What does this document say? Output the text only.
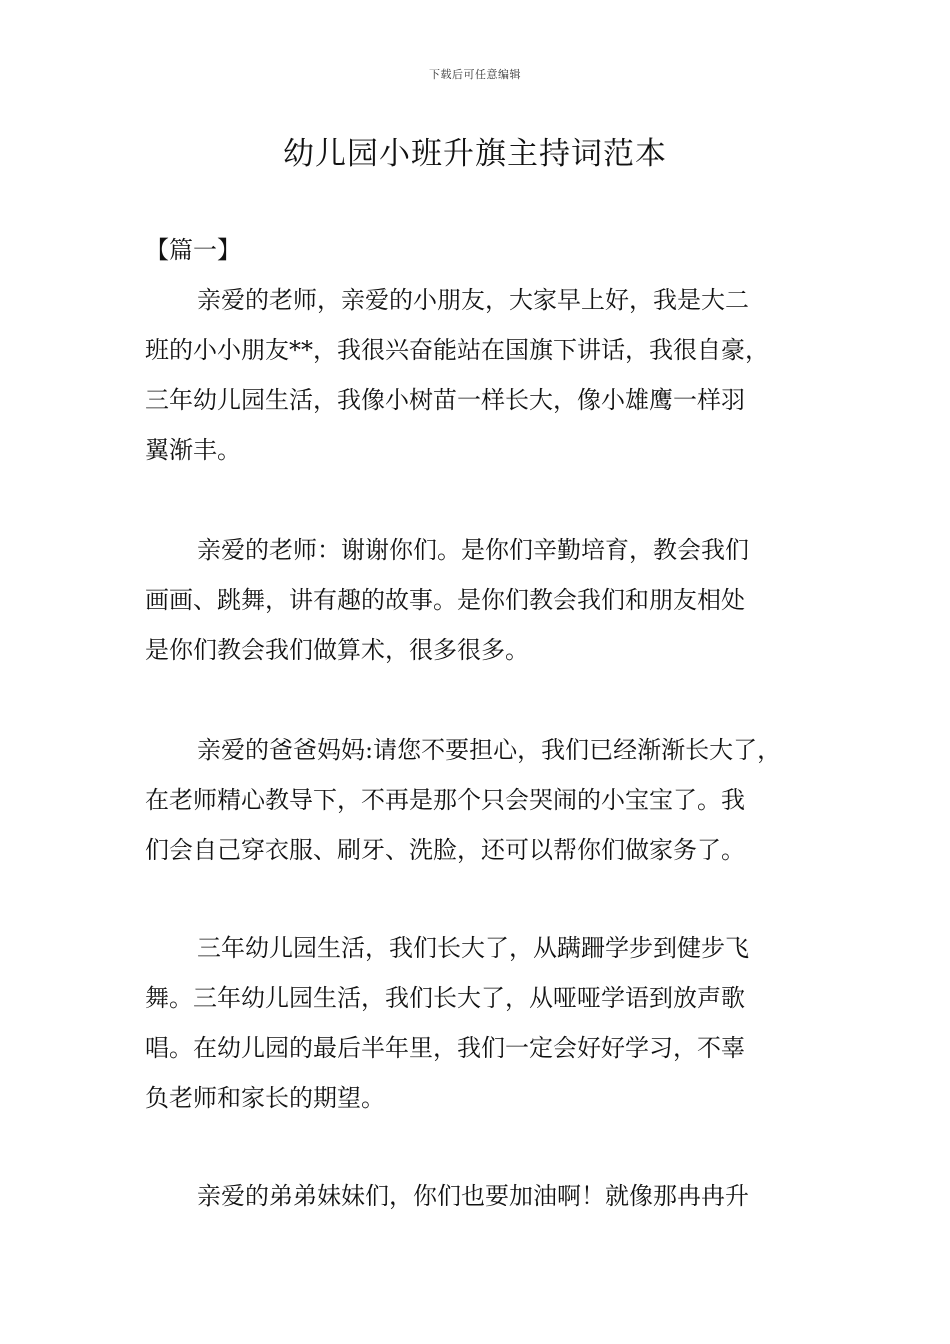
下载后可任意编辑
幼儿园小班升旗主持词范本
【篇一】
亲爱的老师，亲爱的小朋友，大家早上好，我是大二
班的小小朋友**，我很兴奋能站在国旗下讲话，我很自豪，
三年幼儿园生活，我像小树苗一样长大，像小雄鹰一样羽
翼渐丰。
亲爱的老师：谢谢你们。是你们辛勤培育，教会我们
画画、跳舞，讲有趣的故事。是你们教会我们和朋友相处
是你们教会我们做算术，很多很多。
亲爱的爸爸妈妈:请您不要担心，我们已经渐渐长大了，
在老师精心教导下，不再是那个只会哭闹的小宝宝了。我
们会自己穿衣服、刷牙、洗脸，还可以帮你们做家务了。
三年幼儿园生活，我们长大了，从蹒跚学步到健步飞
舞。三年幼儿园生活，我们长大了，从哑哑学语到放声歌
唱。在幼儿园的最后半年里，我们一定会好好学习，不辜
负老师和家长的期望。
亲爱的弟弟妹妹们，你们也要加油啊！就像那冉冉升
